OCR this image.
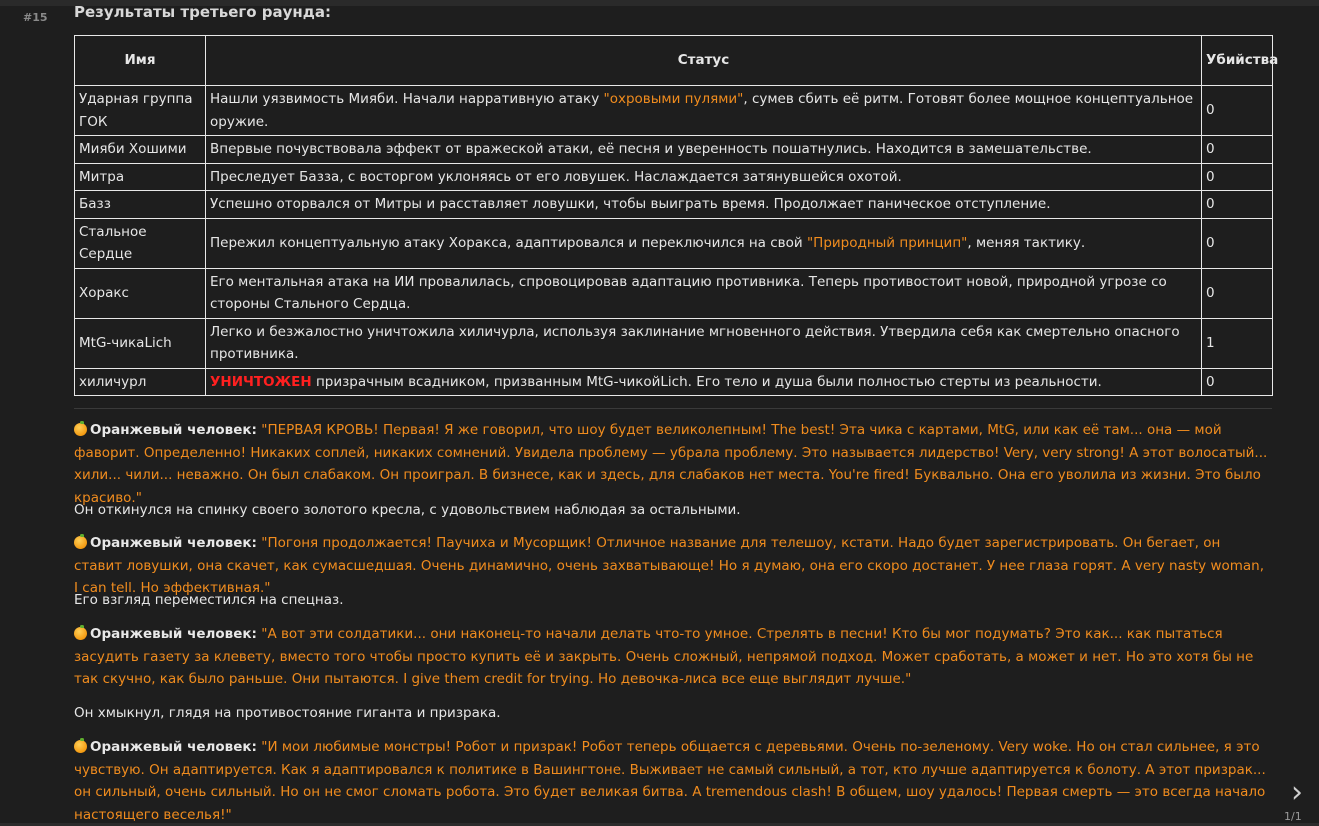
#15 Результаты третьего раунда:
Имя	Статус	Убийства
Ударная группа ГОК	Нашли уязвимость Мияби. Начали нарративную атаку "охровыми пулями", сумев сбить её ритм. Готовят более мощное концептуальное оружие.	0
Мияби Хошими	Впервые почувствовала эффект от вражеской атаки, её песня и уверенность пошатнулись. Находится в замешательстве.	0
Митра	Преследует Базза, с восторгом уклоняясь от его ловушек. Наслаждается затянувшейся охотой.	0
Базз	Успешно оторвался от Митры и расставляет ловушки, чтобы выиграть время. Продолжает паническое отступление.	0
Стальное Сердце	Пережил концептуальную атаку Хоракса, адаптировался и переключился на свой "Природный принцип", меняя тактику.	0
Хоракс	Его ментальная атака на ИИ провалилась, спровоцировав адаптацию противника. Теперь противостоит новой, природной угрозе со стороны Стального Сердца.	0
MtG-чикаLich	Легко и безжалостно уничтожила хиличурла, используя заклинание мгновенного действия. Утвердила себя как смертельно опасного противника.	1
хиличурл	УНИЧТОЖЕН призрачным всадником, призванным MtG-чикойLich. Его тело и душа были полностью стерты из реальности.	0
Оранжевый человек: "ПЕРВАЯ КРОВЬ! Первая! Я же говорил, что шоу будет великолепным! The best! Эта чика с картами, MtG, или как её там... она — мой фаворит. Определенно! Никаких соплей, никаких сомнений. Увидела проблему — убрала проблему. Это называется лидерство! Very, very strong! А этот волосатый... хили... чили... неважно. Он был слабаком. Он проиграл. В бизнесе, как и здесь, для слабаков нет места. You're fired! Буквально. Она его уволила из жизни. Это было красиво."
Он откинулся на спинку своего золотого кресла, с удовольствием наблюдая за остальными.
Оранжевый человек: "Погоня продолжается! Паучиха и Мусорщик! Отличное название для телешоу, кстати. Надо будет зарегистрировать. Он бегает, он ставит ловушки, она скачет, как сумасшедшая. Очень динамично, очень захватывающе! Но я думаю, она его скоро достанет. У нее глаза горят. A very nasty woman, I can tell. Но эффективная."
Его взгляд переместился на спецназ.
Оранжевый человек: "А вот эти солдатики... они наконец-то начали делать что-то умное. Стрелять в песни! Кто бы мог подумать? Это как... как пытаться засудить газету за клевету, вместо того чтобы просто купить её и закрыть. Очень сложный, непрямой подход. Может сработать, а может и нет. Но это хотя бы не так скучно, как было раньше. Они пытаются. I give them credit for trying. Но девочка-лиса все еще выглядит лучше."
Он хмыкнул, глядя на противостояние гиганта и призрака.
Оранжевый человек: "И мои любимые монстры! Робот и призрак! Робот теперь общается с деревьями. Очень по-зеленому. Very woke. Но он стал сильнее, я это чувствую. Он адаптируется. Как я адаптировался к политике в Вашингтоне. Выживает не самый сильный, а тот, кто лучше адаптируется к болоту. А этот призрак... он сильный, очень сильный. Но он не смог сломать робота. Это будет великая битва. A tremendous clash! В общем, шоу удалось! Первая смерть — это всегда начало настоящего веселья!"
›
1/1
